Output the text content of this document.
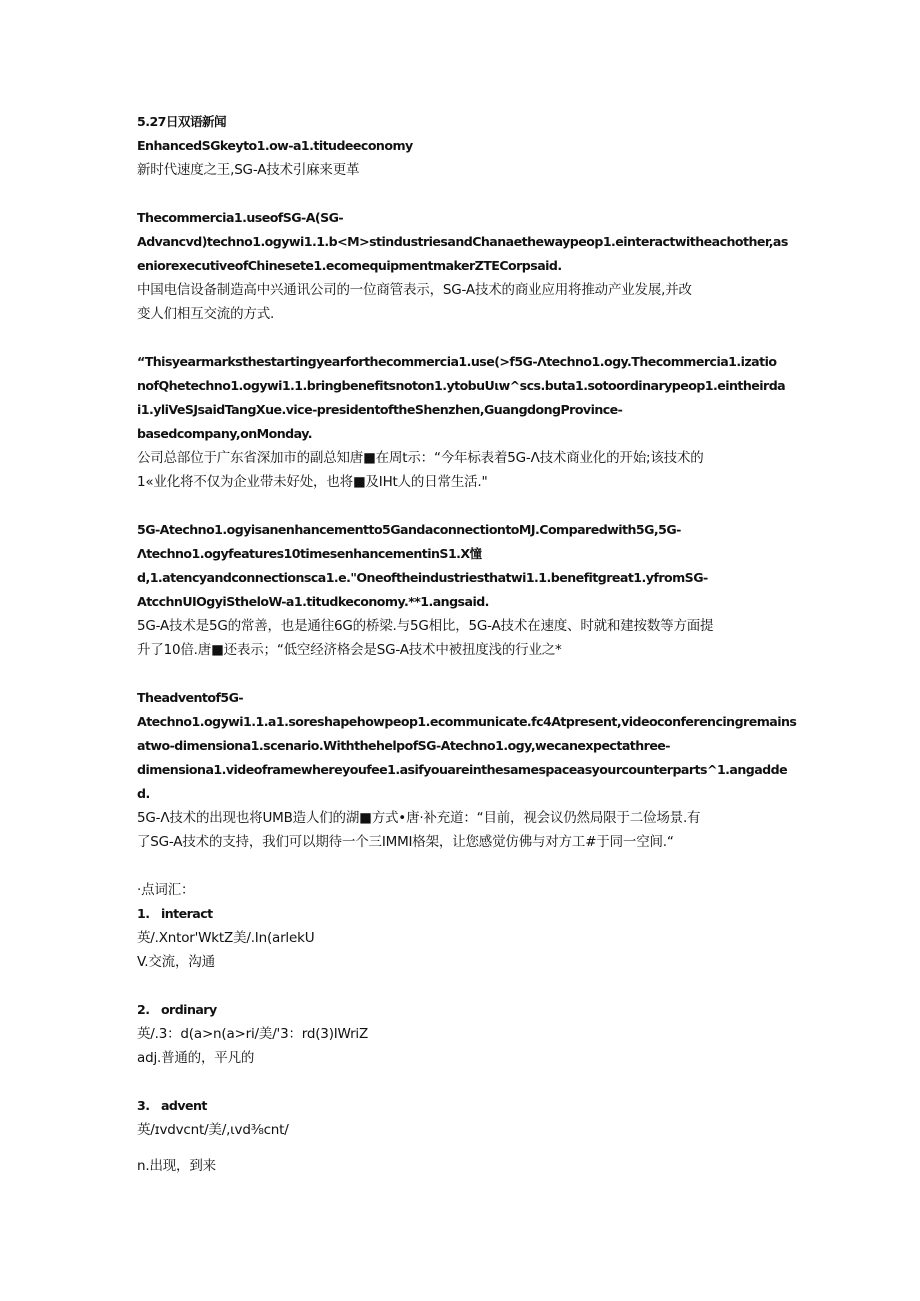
5.27日双语新闻
EnhancedSGkeyto1.ow-a1.titudeeconomy
新时代速度之王,SG-A技术引麻来更革
Thecommercia1.useofSG-A(SG-
Advancvd)techno1.ogywi1.1.b<M>stindustriesandChanaethewaypeop1.einteractwitheachother,as
eniorexecutiveofChinesete1.ecomequipmentmakerZTECorpsaid.
中国电信设备制造高中兴通讯公司的一位商管表示，SG-A技术的商业应用将推动产业发展,并改
变人们相互交流的方式.
“Thisyearmarksthestartingyearforthecommercia1.use(>f5G-Λtechno1.ogy.Thecommercia1.izatio
nofQhetechno1.ogywi1.1.bringbenefitsnoton1.ytobuUιw^scs.buta1.sotoordinarypeop1.eintheirda
i1.yliVeSJsaidTangXue.vice-presidentoftheShenzhen,GuangdongProvince-
basedcompany,onMonday.
公司总部位于广东省深加市的副总知唐■在周t示：“今年标表着5G-Λ技术商业化的开始;该技术的
1«业化将不仅为企业带未好处，也将■及IHt人的日常生活."
5G-Atechno1.ogyisanenhancementto5GandaconnectiontoMJ.Comparedwith5G,5G-
Λtechno1.ogyfeatures10timesenhancementinS1.X憧
d,1.atencyandconnectionsca1.e."Oneoftheindustriesthatwi1.1.benefitgreat1.yfromSG-
AtcchnUIOgyiSthelоW-a1.titudkeconomy.**1.angsaid.
5G-A技术是5G的常善，也是通往6G的桥梁.与5G相比，5G-A技术在速度、时就和建按数等方面提
升了10倍.唐■还表示；“低空经济格会是SG-A技术中被扭度浅的行业之*
Theadventof5G-
Atechno1.ogywi1.1.a1.soreshapehowpeop1.ecommunicate.fc4Atpresent,videoconferencingremains
atwo-dimensiona1.scenario.WiththehelpofSG-Atechno1.ogy,wecanexpectathree-
dimensiona1.videoframewhereyoufee1.asifyouareinthesamespaceasyourcounterparts^1.angadde
d.
5G-Λ技术的出现也将UMB造人们的湖■方式•唐·补充道：“目前，视会议仍然局限于二俭场景.有
了SG-A技术的支持，我们可以期待一个三IMMI格架，让您感觉仿佛与对方工#于同一空间.“
·点词汇：
1.   interact
英/.Xntor'WktZ美/.In(arlekU
V.交流，沟通
2.   ordinary
英/.3：d(a>n(a>ri/美/'3：rd(3)IWriZ
adj.普通的，平凡的
3.   advent
英/ɪvdvcnt/美/,ιvd⅜cnt/
n.出现，到来
